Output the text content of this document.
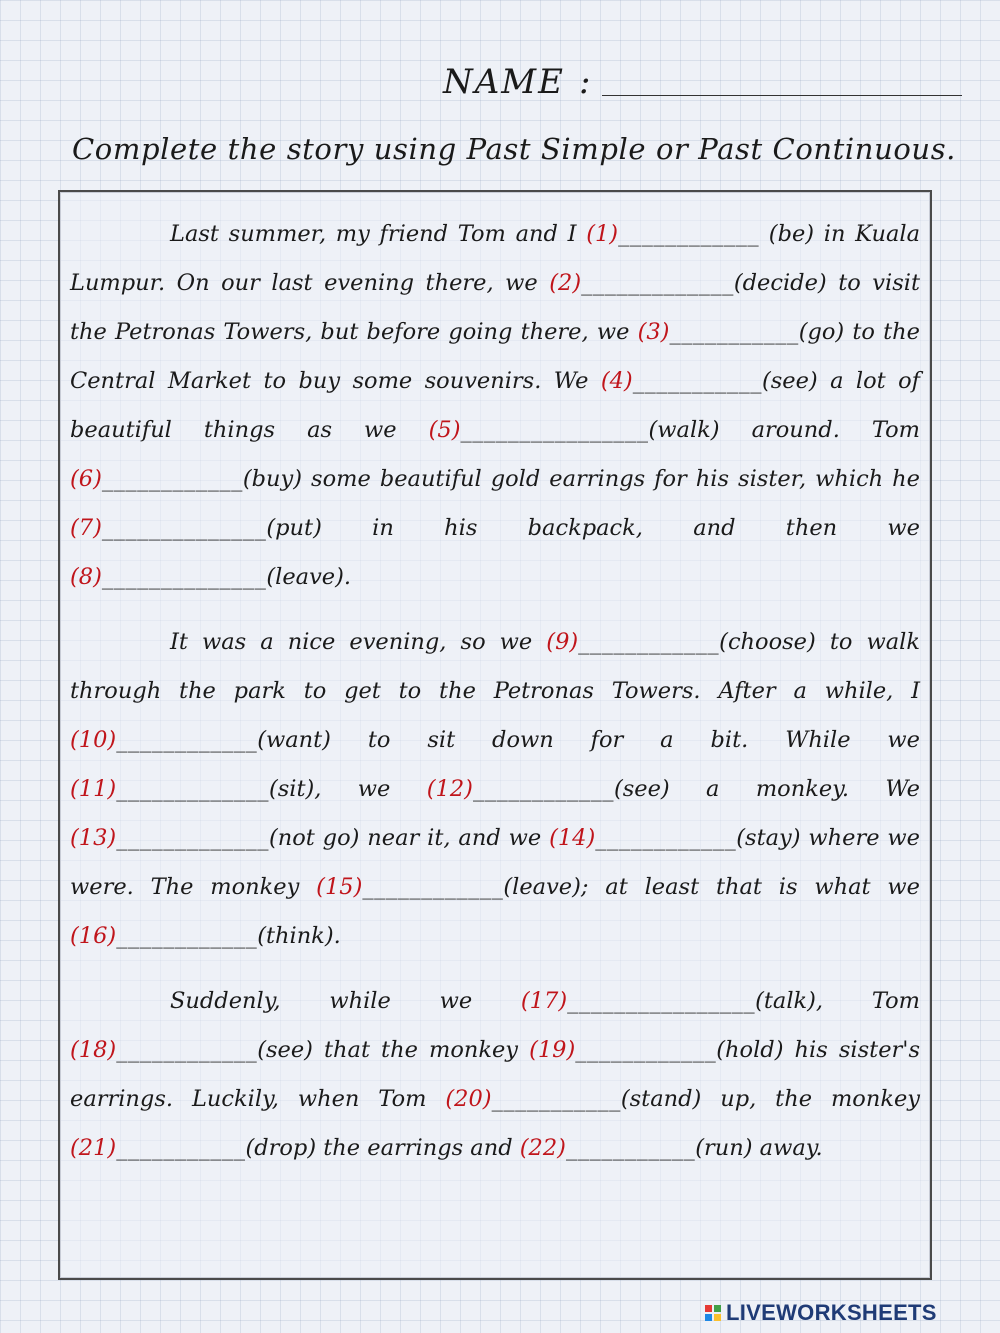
NAME :
Complete the story using Past Simple or Past Continuous.

Last summer, my friend Tom and I (1)____________ (be) in Kuala Lumpur. On our last evening there, we (2)_____________(decide) to visit the Petronas Towers, but before going there, we (3)___________(go) to the Central Market to buy some souvenirs. We (4)___________(see) a lot of beautiful things as we (5)________________(walk) around. Tom (6)____________(buy) some beautiful gold earrings for his sister, which he (7)______________(put) in his backpack, and then we (8)______________(leave).

It was a nice evening, so we (9)____________(choose) to walk through the park to get to the Petronas Towers. After a while, I (10)____________(want) to sit down for a bit. While we (11)_____________(sit), we (12)____________(see) a monkey. We (13)_____________(not go) near it, and we (14)____________(stay) where we were. The monkey (15)____________(leave); at least that is what we (16)____________(think).

Suddenly, while we (17)________________(talk), Tom (18)____________(see) that the monkey (19)____________(hold) his sister's earrings. Luckily, when Tom (20)___________(stand) up, the monkey (21)___________(drop) the earrings and (22)___________(run) away.

LIVEWORKSHEETS
